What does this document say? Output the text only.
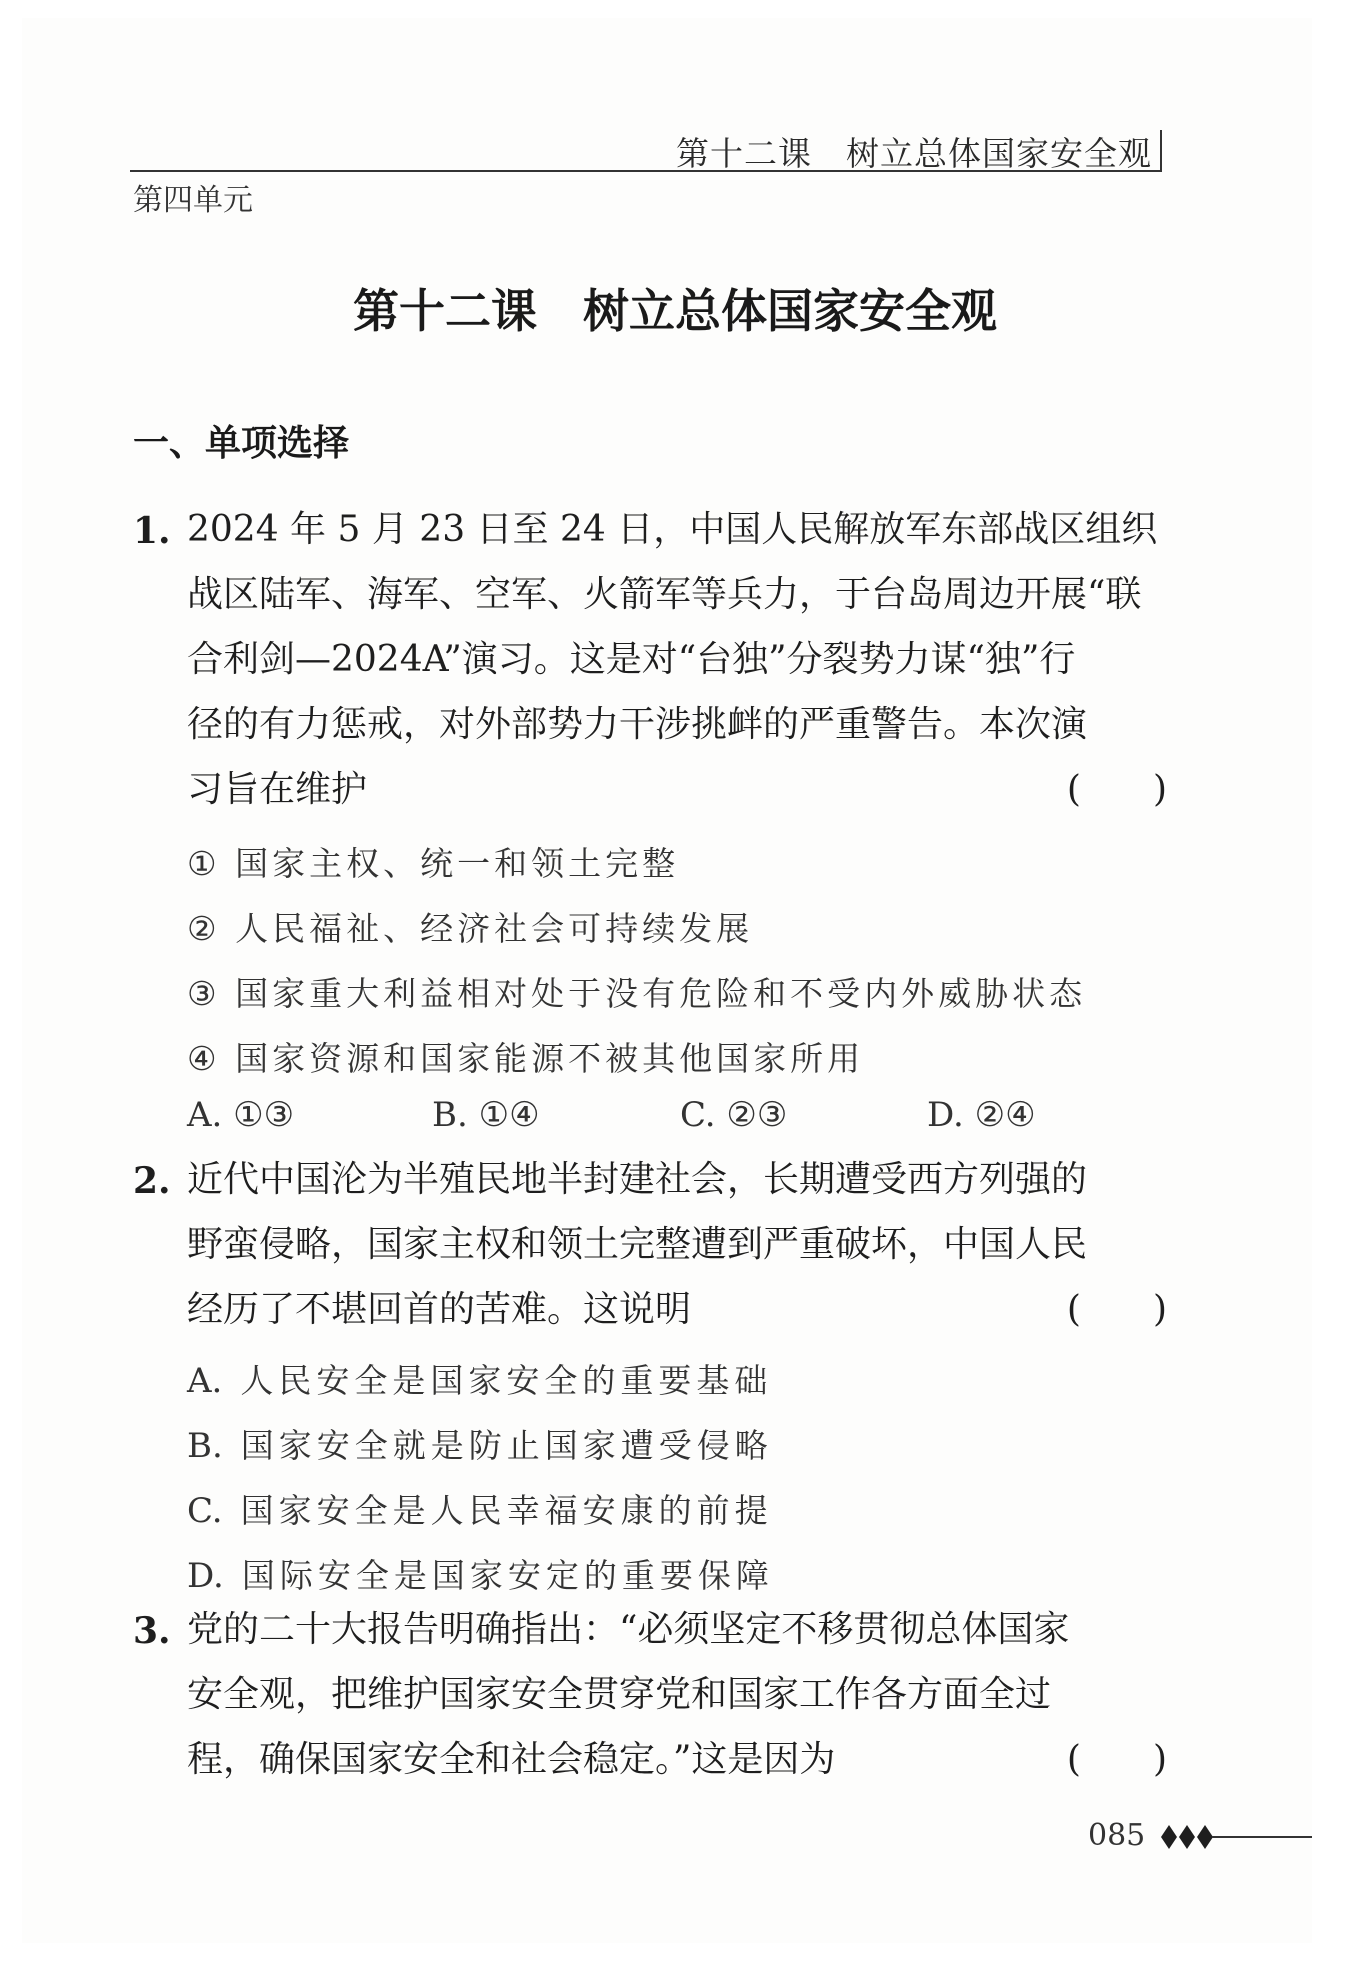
第十二课　树立总体国家安全观
第四单元
第十二课　树立总体国家安全观
一、单项选择
1. 2024 年 5 月 23 日至 24 日，中国人民解放军东部战区组织
战区陆军、海军、空军、火箭军等兵力，于台岛周边开展“联
合利剑—2024A”演习。这是对“台独”分裂势力谋“独”行
径的有力惩戒，对外部势力干涉挑衅的严重警告。本次演
习旨在维护	(　　)
① 国家主权、统一和领土完整
② 人民福祉、经济社会可持续发展
③ 国家重大利益相对处于没有危险和不受内外威胁状态
④ 国家资源和国家能源不被其他国家所用
A. ①③	B. ①④	C. ②③	D. ②④
2. 近代中国沦为半殖民地半封建社会，长期遭受西方列强的
野蛮侵略，国家主权和领土完整遭到严重破坏，中国人民
经历了不堪回首的苦难。这说明	(　　)
A. 人民安全是国家安全的重要基础
B. 国家安全就是防止国家遭受侵略
C. 国家安全是人民幸福安康的前提
D. 国际安全是国家安定的重要保障
3. 党的二十大报告明确指出：“必须坚定不移贯彻总体国家
安全观，把维护国家安全贯穿党和国家工作各方面全过
程，确保国家安全和社会稳定。”这是因为	(　　)
085
